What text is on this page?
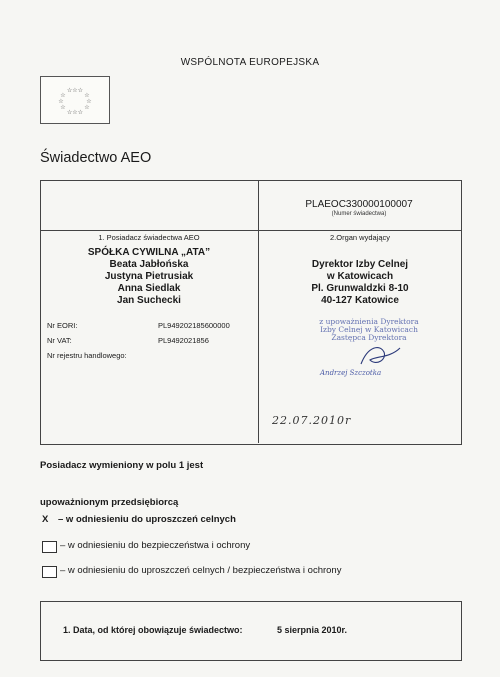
WSPÓLNOTA EUROPEJSKA
☆☆☆
☆	☆
☆	☆
☆	☆
☆☆☆
Świadectwo AEO
PLAEOC330000100007
(Numer świadectwa)
1. Posiadacz świadectwa AEO
SPÓŁKA CYWILNA „ATA”
Beata Jabłońska
Justyna Pietrusiak
Anna Siedlak
Jan Suchecki
Nr EORI:	PL949202185600000
Nr VAT:	PL9492021856
Nr rejestru handlowego:
2.Organ wydający
Dyrektor Izby Celnej
w Katowicach
Pl. Grunwaldzki 8-10
40-127 Katowice
z upoważnienia Dyrektora
Izby Celnej w Katowicach
Zastępca Dyrektora
Andrzej Szczotka
22.07.2010r
Posiadacz wymieniony w polu 1 jest
upoważnionym przedsiębiorcą
X – w odniesieniu do uproszczeń celnych
– w odniesieniu do bezpieczeństwa i ochrony
– w odniesieniu do uproszczeń celnych / bezpieczeństwa i ochrony
1. Data, od której obowiązuje świadectwo:	5 sierpnia 2010r.
